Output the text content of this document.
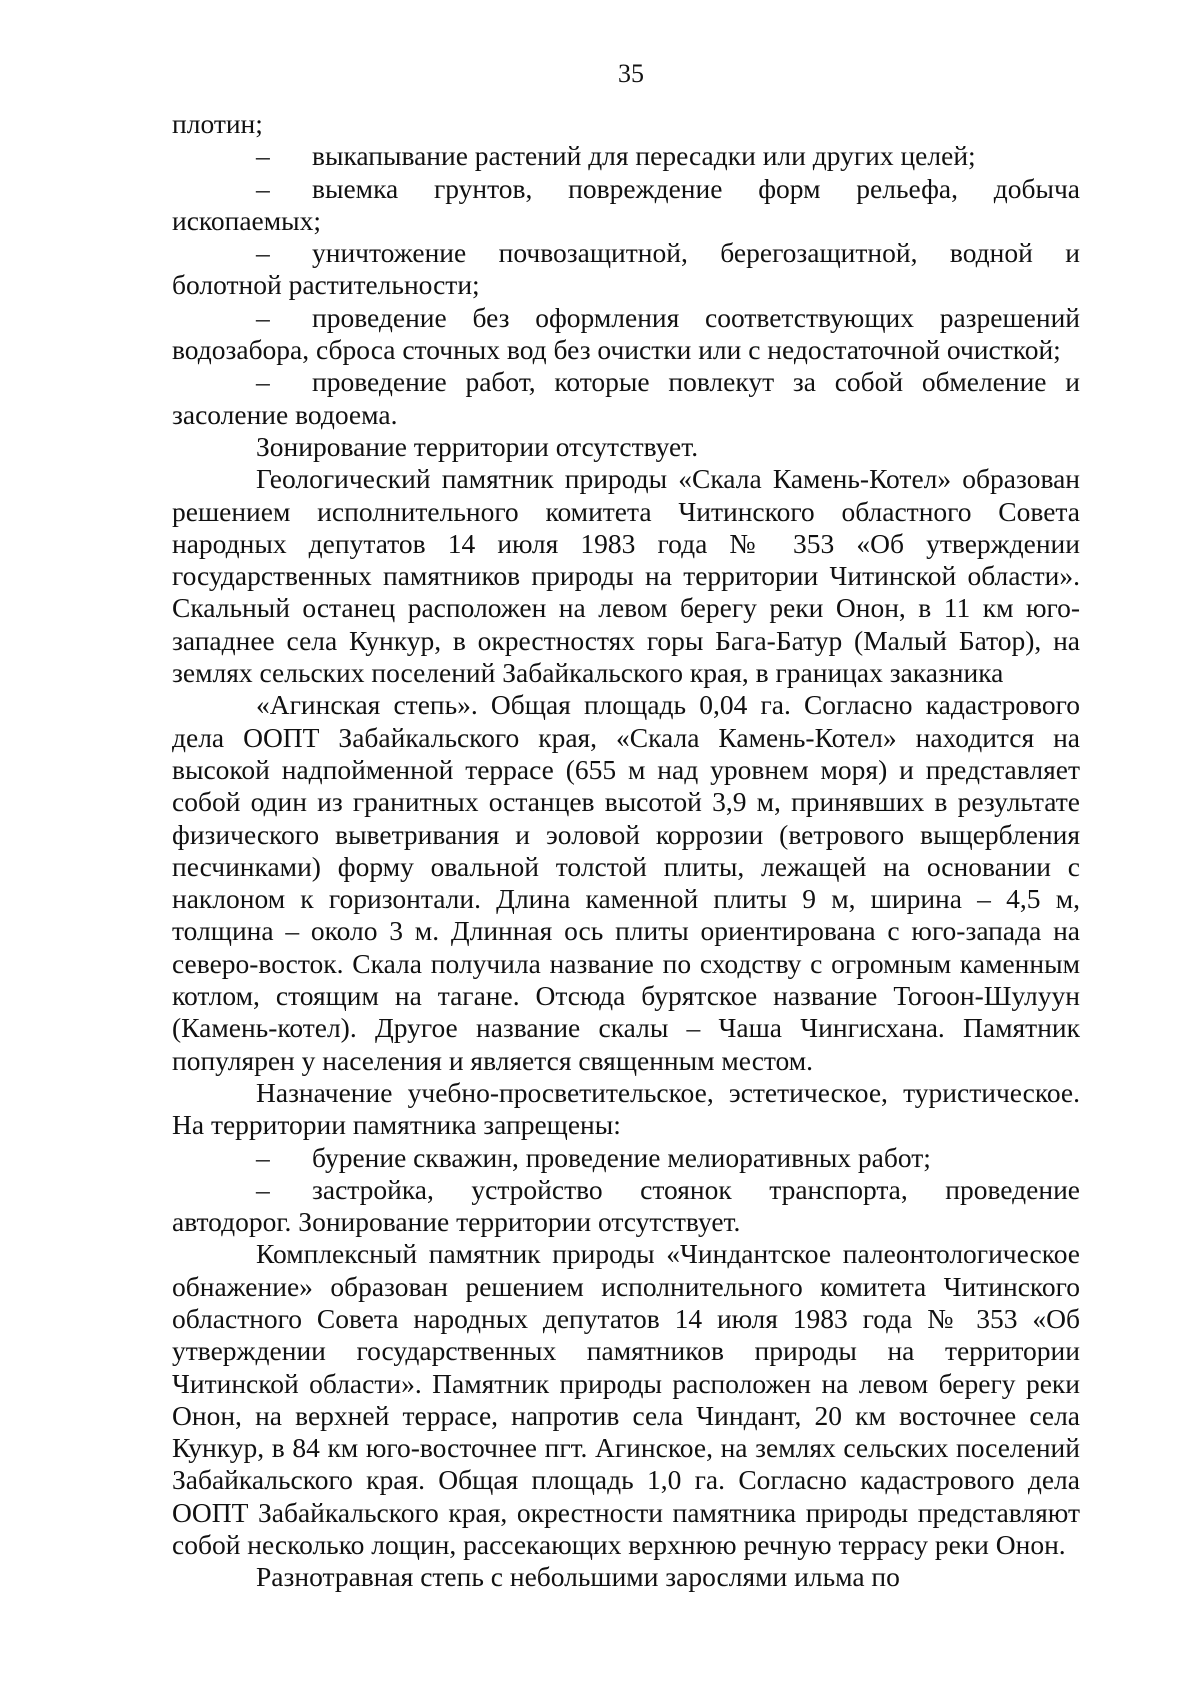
35

плотин;

– выкапывание растений для пересадки или других целей;

– выемка грунтов, повреждение форм рельефа, добыча ископаемых;

– уничтожение почвозащитной, берегозащитной, водной и болотной растительности;

– проведение без оформления соответствующих разрешений водозабора, сброса сточных вод без очистки или с недостаточной очисткой;

– проведение работ, которые повлекут за собой обмеление и засоление водоема.

Зонирование территории отсутствует.

Геологический памятник природы «Скала Камень-Котел» образован решением исполнительного комитета Читинского областного Совета народных депутатов 14 июля 1983 года № 353 «Об утверждении государственных памятников природы на территории Читинской области». Скальный останец расположен на левом берегу реки Онон, в 11 км юго-западнее села Кункур, в окрестностях горы Бага-Батур (Малый Батор), на землях сельских поселений Забайкальского края, в границах заказника

«Агинская степь». Общая площадь 0,04 га. Согласно кадастрового дела ООПТ Забайкальского края, «Скала Камень-Котел» находится на высокой надпойменной террасе (655 м над уровнем моря) и представляет собой один из гранитных останцев высотой 3,9 м, принявших в результате физического выветривания и эоловой коррозии (ветрового выщербления песчинками) форму овальной толстой плиты, лежащей на основании с наклоном к горизонтали. Длина каменной плиты 9 м, ширина – 4,5 м, толщина – около 3 м. Длинная ось плиты ориентирована с юго-запада на северо-восток. Скала получила название по сходству с огромным каменным котлом, стоящим на тагане. Отсюда бурятское название Тогоон-Шулуун (Камень-котел). Другое название скалы – Чаша Чингисхана. Памятник популярен у населения и является священным местом.

Назначение учебно-просветительское, эстетическое, туристическое. На территории памятника запрещены:

– бурение скважин, проведение мелиоративных работ;

– застройка, устройство стоянок транспорта, проведение автодорог. Зонирование территории отсутствует.

Комплексный памятник природы «Чиндантское палеонтологическое обнажение» образован решением исполнительного комитета Читинского областного Совета народных депутатов 14 июля 1983 года № 353 «Об утверждении государственных памятников природы на территории Читинской области». Памятник природы расположен на левом берегу реки Онон, на верхней террасе, напротив села Чиндант, 20 км восточнее села Кункур, в 84 км юго-восточнее пгт. Агинское, на землях сельских поселений Забайкальского края. Общая площадь 1,0 га. Согласно кадастрового дела ООПТ Забайкальского края, окрестности памятника природы представляют собой несколько лощин, рассекающих верхнюю речную террасу реки Онон.

Разнотравная степь с небольшими зарослями ильма по
